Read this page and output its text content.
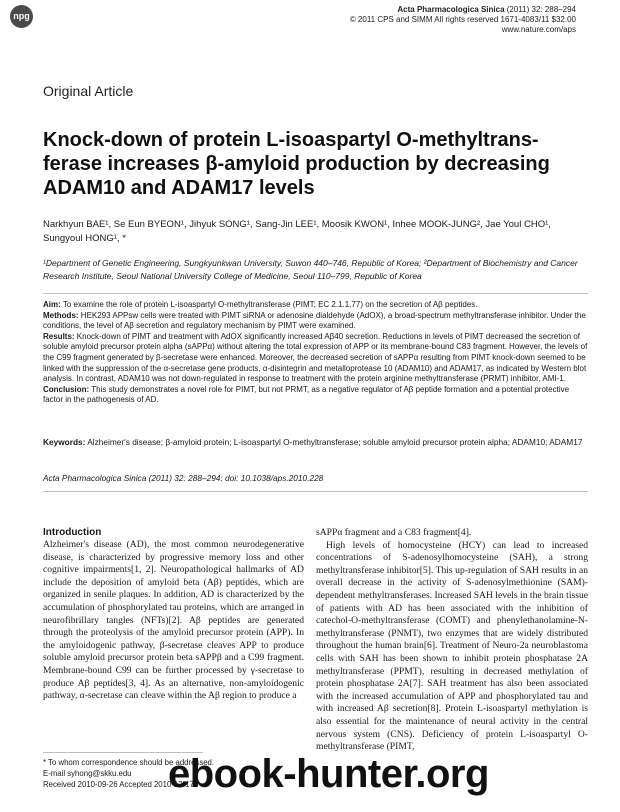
npg
Acta Pharmacologica Sinica (2011) 32: 288–294
© 2011 CPS and SIMM All rights reserved 1671-4083/11 $32.00
www.nature.com/aps
Original Article
Knock-down of protein L-isoaspartyl O-methyltrans-ferase increases β-amyloid production by decreasing ADAM10 and ADAM17 levels
Narkhyun BAE¹, Se Eun BYEON¹, Jihyuk SONG¹, Sang-Jin LEE¹, Moosik KWON¹, Inhee MOOK-JUNG², Jae Youl CHO¹, Sungyoul HONG¹, *
¹Department of Genetic Engineering, Sungkyunkwan University, Suwon 440–746, Republic of Korea; ²Department of Biochemistry and Cancer Research Institute, Seoul National University College of Medicine, Seoul 110–799, Republic of Korea

Aim: To examine the role of protein L-isoaspartyl O-methyltransferase (PIMT; EC 2.1.1.77) on the secretion of Aβ peptides.

Methods: HEK293 APPsw cells were treated with PIMT siRNA or adenosine dialdehyde (AdOX), a broad-spectrum methyltransferase inhibitor. Under the conditions, the level of Aβ secretion and regulatory mechanism by PIMT were examined.

Results: Knock-down of PIMT and treatment with AdOX significantly increased Aβ40 secretion. Reductions in levels of PIMT decreased the secretion of soluble amyloid precursor protein alpha (sAPPα) without altering the total expression of APP or its membrane-bound C83 fragment. However, the levels of the C99 fragment generated by β-secretase were enhanced. Moreover, the decreased secretion of sAPPα resulting from PIMT knock-down seemed to be linked with the suppression of the α-secretase gene products, α-disintegrin and metalloprotease 10 (ADAM10) and ADAM17, as indicated by Western blot analysis. In contrast, ADAM10 was not down-regulated in response to treatment with the protein arginine methyltransferase (PRMT) inhibitor, AMI-1.

Conclusion: This study demonstrates a novel role for PIMT, but not PRMT, as a negative regulator of Aβ peptide formation and a potential protective factor in the pathogenesis of AD.

Keywords: Alzheimer's disease; β-amyloid protein; L-isoaspartyl O-methyltransferase; soluble amyloid precursor protein alpha; ADAM10; ADAM17
Acta Pharmacologica Sinica (2011) 32: 288–294; doi: 10.1038/aps.2010.228
Introduction

Alzheimer's disease (AD), the most common neurodegenerative disease, is characterized by progressive memory loss and other cognitive impairments[1, 2]. Neuropathological hallmarks of AD include the deposition of amyloid beta (Aβ) peptides, which are organized in senile plaques. In addition, AD is characterized by the accumulation of phosphorylated tau proteins, which are arranged in neurofibrillary tangles (NFTs)[2]. Aβ peptides are generated through the proteolysis of the amyloid precursor protein (APP). In the amyloidogenic pathway, β-secretase cleaves APP to produce soluble amyloid precursor protein beta sAPPβ and a C99 fragment. Membrane-bound C99 can be further processed by γ-secretase to produce Aβ peptides[3, 4]. As an alternative, non-amyloidogenic pathway, α-secretase can cleave within the Aβ region to produce a

sAPPα fragment and a C83 fragment[4].

High levels of homocysteine (HCY) can lead to increased concentrations of S-adenosylhomocysteine (SAH), a strong methyltransferase inhibitor[5]. This up-regulation of SAH results in an overall decrease in the activity of S-adenosylmethionine (SAM)-dependent methyltransferases. Increased SAH levels in the brain tissue of patients with AD has been associated with the inhibition of catechol-O-methyltransferase (COMT) and phenylethanolamine-N-methyltransferase (PNMT), two enzymes that are widely distributed throughout the human brain[6]. Treatment of Neuro-2a neuroblastoma cells with SAH has been shown to inhibit protein phosphatase 2A methyltransferase (PPMT), resulting in decreased methylation of protein phosphatase 2A[7]. SAH treatment has also been associated with the increased accumulation of APP and phosphorylated tau and with increased Aβ secretion[8]. Protein L-isoaspartyl methylation is also essential for the maintenance of neural activity in the central nervous system (CNS). Deficiency of protein L-isoaspartyl O-methyltransferase (PIMT,

* To whom correspondence should be addressed.
E-mail syhong@skku.edu
Received 2010-09-26 Accepted 2010-12-17
ebook-hunter.org
